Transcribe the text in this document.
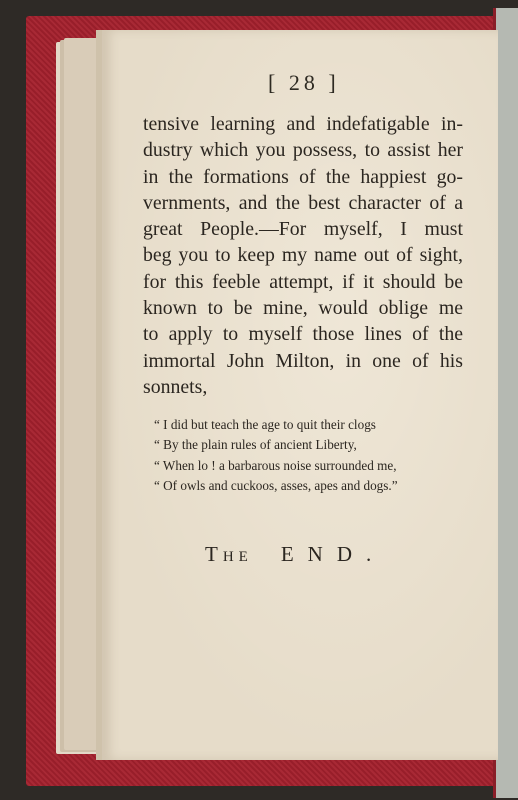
[ 28 ]

tensive learning and indefatigable in-
dustry which you possess, to assist her
in the formations of the happiest go-
vernments, and the best character of a
great People.—For myself, I must
beg you to keep my name out of sight,
for this feeble attempt, if it should be
known to be mine, would oblige me
to apply to myself those lines of the
immortal John Milton, in one of his
sonnets,

“ I did but teach the age to quit their clogs
“ By the plain rules of ancient Liberty,
“ When lo ! a barbarous noise surrounded me,
“ Of owls and cuckoos, asses, apes and dogs.”

THE END.
